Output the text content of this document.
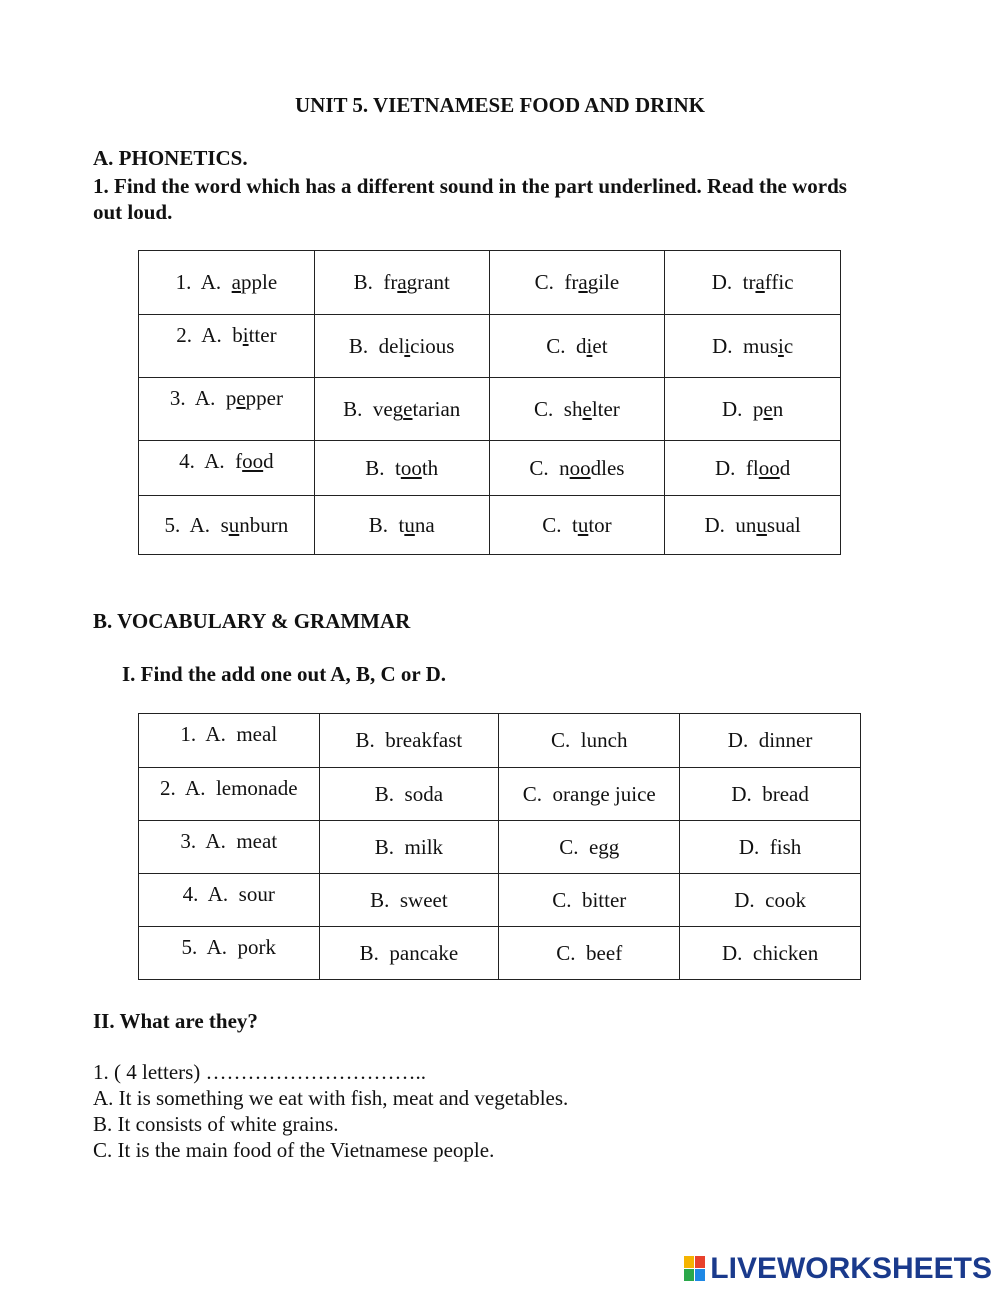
UNIT 5. VIETNAMESE FOOD AND DRINK
A. PHONETICS.
1. Find the word which has a different sound in the part underlined. Read the words out loud.
1.  A.  apple	B.  fragrant	C.  fragile	D.  traffic

2.  A.  bitter	B.  delicious	C.  diet	D.  music

3.  A.  pepper	B.  vegetarian	C.  shelter	D.  pen

4.  A.  food	B.  tooth	C.  noodles	D.  flood
5.  A.  sunburn	B.  tuna	C.  tutor	D.  unusual
B. VOCABULARY & GRAMMAR
I. Find the add one out A, B, C or D.
1.  A.  meal	B.  breakfast	C.  lunch	D.  dinner

2.  A.  lemonade	B.  soda	C.  orange juice	D.  bread

3.  A.  meat	B.  milk	C.  egg	D.  fish

4.  A.  sour	B.  sweet	C.  bitter	D.  cook

5.  A.  pork	B.  pancake	C.  beef	D.  chicken
II. What are they?
1. ( 4 letters) …………………………..
A. It is something we eat with fish, meat and vegetables.
B. It consists of white grains.
C. It is the main food of the Vietnamese people.
LIVEWORKSHEETS
